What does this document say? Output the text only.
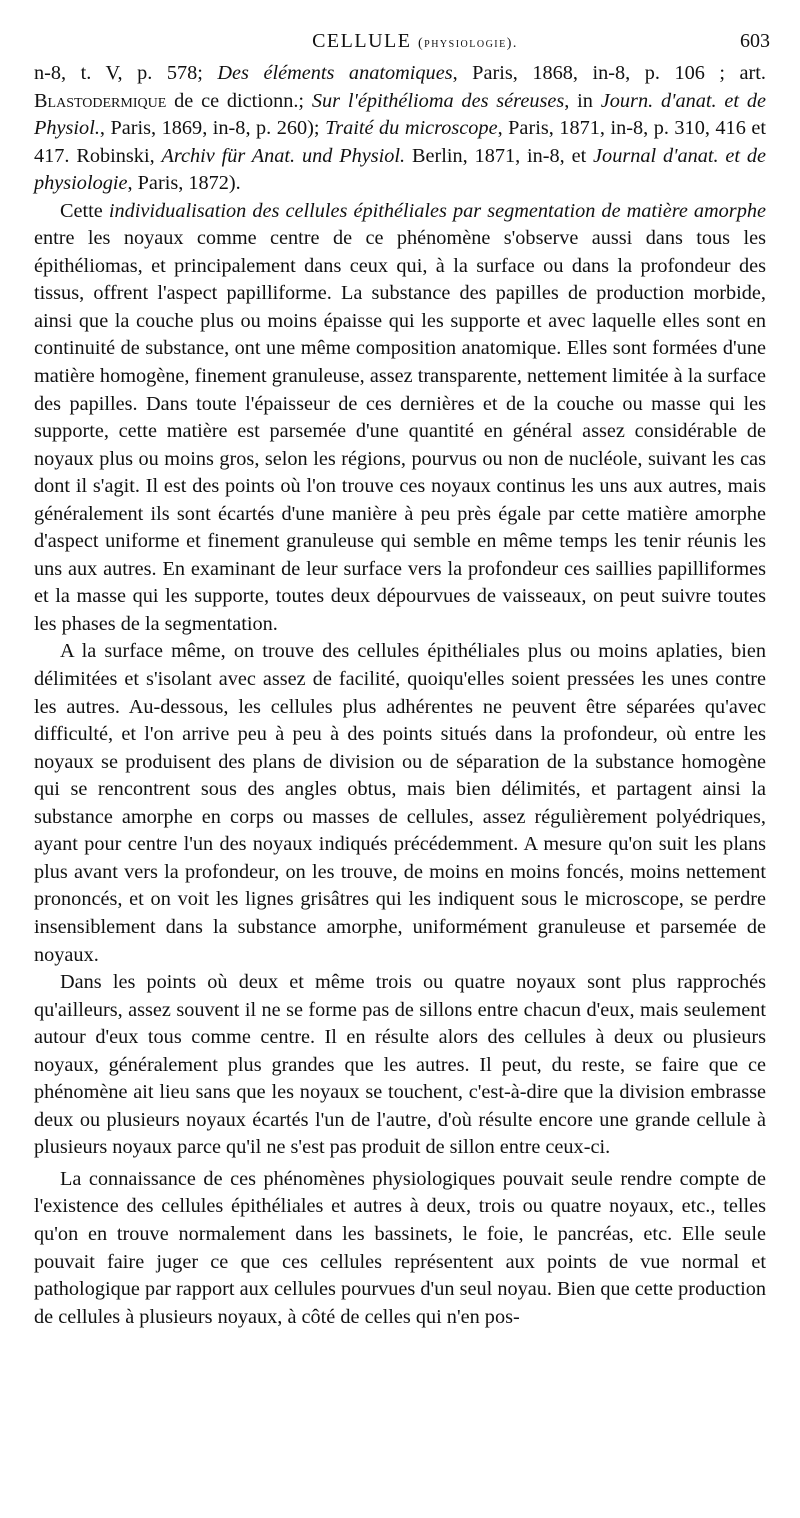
CELLULE (physiologie).	603

n-8, t. V, p. 578; Des éléments anatomiques, Paris, 1868, in-8, p. 106 ; art. Blastodermique de ce dictionn.; Sur l'épithélioma des séreuses, in Journ. d'anat. et de Physiol., Paris, 1869, in-8, p. 260); Traité du microscope, Paris, 1871, in-8, p. 310, 416 et 417. Robinski, Archiv für Anat. und Physiol. Berlin, 1871, in-8, et Journal d'anat. et de physiologie, Paris, 1872).

Cette individualisation des cellules épithéliales par segmentation de matière amorphe entre les noyaux comme centre de ce phénomène s'observe aussi dans tous les épithéliomas, et principalement dans ceux qui, à la surface ou dans la profondeur des tissus, offrent l'aspect papilliforme. La substance des papilles de production morbide, ainsi que la couche plus ou moins épaisse qui les supporte et avec laquelle elles sont en continuité de substance, ont une même composition anatomique. Elles sont formées d'une matière homogène, finement granuleuse, assez transparente, nettement limitée à la surface des papilles. Dans toute l'épaisseur de ces dernières et de la couche ou masse qui les supporte, cette matière est parsemée d'une quantité en général assez considérable de noyaux plus ou moins gros, selon les régions, pourvus ou non de nucléole, suivant les cas dont il s'agit. Il est des points où l'on trouve ces noyaux continus les uns aux autres, mais généralement ils sont écartés d'une manière à peu près égale par cette matière amorphe d'aspect uniforme et finement granuleuse qui semble en même temps les tenir réunis les uns aux autres. En examinant de leur surface vers la profondeur ces saillies papilliformes et la masse qui les supporte, toutes deux dépourvues de vaisseaux, on peut suivre toutes les phases de la segmentation.

A la surface même, on trouve des cellules épithéliales plus ou moins aplaties, bien délimitées et s'isolant avec assez de facilité, quoiqu'elles soient pressées les unes contre les autres. Au-dessous, les cellules plus adhérentes ne peuvent être séparées qu'avec difficulté, et l'on arrive peu à peu à des points situés dans la profondeur, où entre les noyaux se produisent des plans de division ou de séparation de la substance homogène qui se rencontrent sous des angles obtus, mais bien délimités, et partagent ainsi la substance amorphe en corps ou masses de cellules, assez régulièrement polyédriques, ayant pour centre l'un des noyaux indiqués précédemment. A mesure qu'on suit les plans plus avant vers la profondeur, on les trouve, de moins en moins foncés, moins nettement prononcés, et on voit les lignes grisâtres qui les indiquent sous le microscope, se perdre insensiblement dans la substance amorphe, uniformément granuleuse et parsemée de noyaux.

Dans les points où deux et même trois ou quatre noyaux sont plus rapprochés qu'ailleurs, assez souvent il ne se forme pas de sillons entre chacun d'eux, mais seulement autour d'eux tous comme centre. Il en résulte alors des cellules à deux ou plusieurs noyaux, généralement plus grandes que les autres. Il peut, du reste, se faire que ce phénomène ait lieu sans que les noyaux se touchent, c'est-à-dire que la division embrasse deux ou plusieurs noyaux écartés l'un de l'autre, d'où résulte encore une grande cellule à plusieurs noyaux parce qu'il ne s'est pas produit de sillon entre ceux-ci.

La connaissance de ces phénomènes physiologiques pouvait seule rendre compte de l'existence des cellules épithéliales et autres à deux, trois ou quatre noyaux, etc., telles qu'on en trouve normalement dans les bassinets, le foie, le pancréas, etc. Elle seule pouvait faire juger ce que ces cellules représentent aux points de vue normal et pathologique par rapport aux cellules pourvues d'un seul noyau. Bien que cette production de cellules à plusieurs noyaux, à côté de celles qui n'en pos-
